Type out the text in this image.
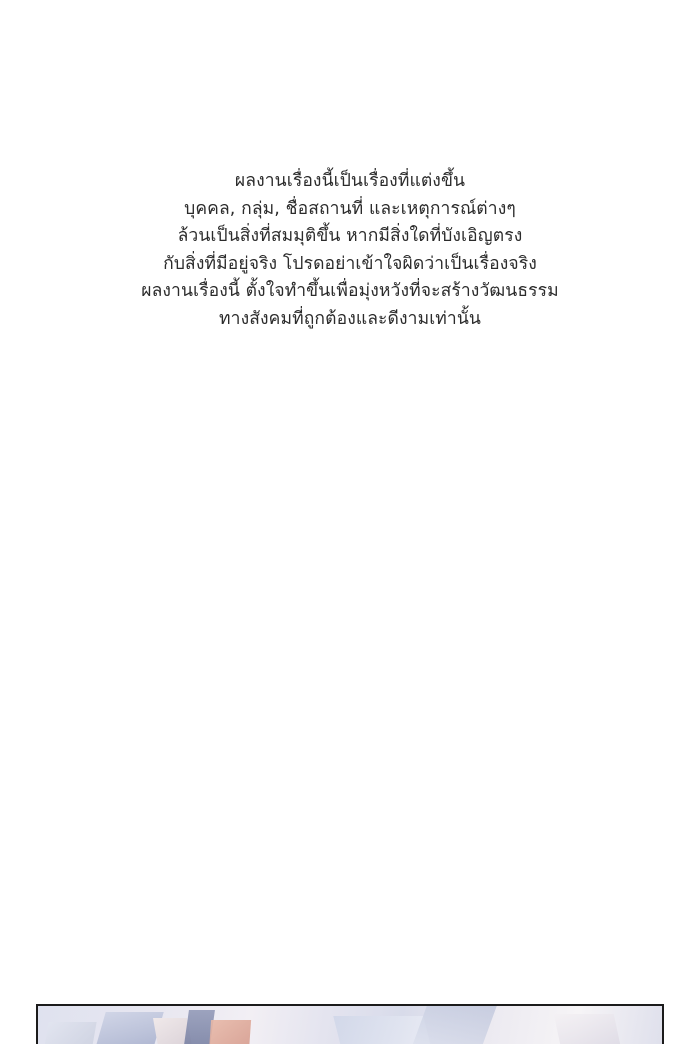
ผลงานเรื่องนี้เป็นเรื่องที่แต่งขึ้น
บุคคล, กลุ่ม, ชื่อสถานที่ และเหตุการณ์ต่างๆ
ล้วนเป็นสิ่งที่สมมุติขึ้น หากมีสิ่งใดที่บังเอิญตรง
กับสิ่งที่มีอยู่จริง โปรดอย่าเข้าใจผิดว่าเป็นเรื่องจริง
ผลงานเรื่องนี้ ตั้งใจทำขึ้นเพื่อมุ่งหวังที่จะสร้างวัฒนธรรม
ทางสังคมที่ถูกต้องและดีงามเท่านั้น
